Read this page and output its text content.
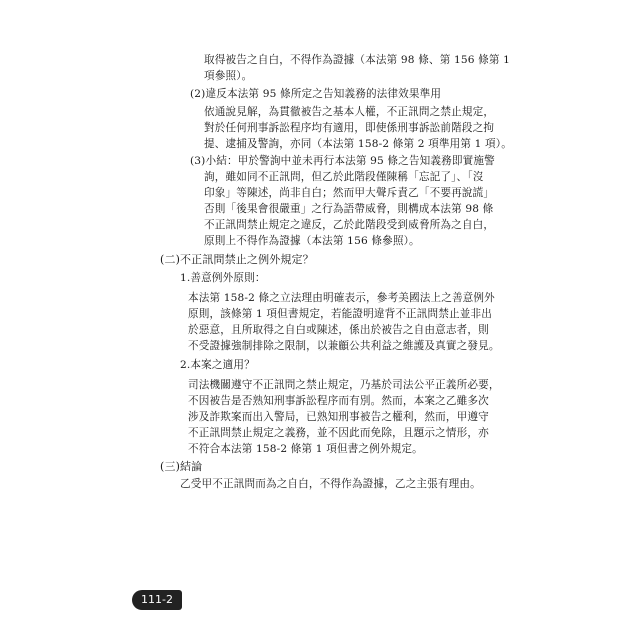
取得被告之自白，不得作為證據（本法第 98 條、第 156 條第 1
項參照）。
(2)違反本法第 95 條所定之告知義務的法律效果準用
依通說見解，為貫徹被告之基本人權，不正訊問之禁止規定，
對於任何刑事訴訟程序均有適用，即使係刑事訴訟前階段之拘
提、逮捕及警詢，亦同（本法第 158-2 條第 2 項準用第 1 項）。
(3)小結：甲於警詢中並未再行本法第 95 條之告知義務即實施警
詢，雖如同不正訊問，但乙於此階段僅陳稱「忘記了」、「沒
印象」等陳述，尚非自白；然而甲大聲斥責乙「不要再說謊」
否則「後果會很嚴重」之行為語帶威脅，則構成本法第 98 條
不正訊問禁止規定之違反，乙於此階段受到威脅所為之自白，
原則上不得作為證據（本法第 156 條參照）。
(二)不正訊問禁止之例外規定？
1.善意例外原則：
本法第 158-2 條之立法理由明確表示，參考美國法上之善意例外
原則，該條第 1 項但書規定，若能證明違背不正訊問禁止並非出
於惡意，且所取得之自白或陳述，係出於被告之自由意志者，則
不受證據強制排除之限制，以兼顧公共利益之維護及真實之發見。
2.本案之適用？
司法機關遵守不正訊問之禁止規定，乃基於司法公平正義所必要，
不因被告是否熟知刑事訴訟程序而有別。然而，本案之乙雖多次
涉及詐欺案而出入警局，已熟知刑事被告之權利，然而，甲遵守
不正訊問禁止規定之義務，並不因此而免除，且題示之情形，亦
不符合本法第 158-2 條第 1 項但書之例外規定。
(三)結論
乙受甲不正訊問而為之自白，不得作為證據，乙之主張有理由。
111-2
